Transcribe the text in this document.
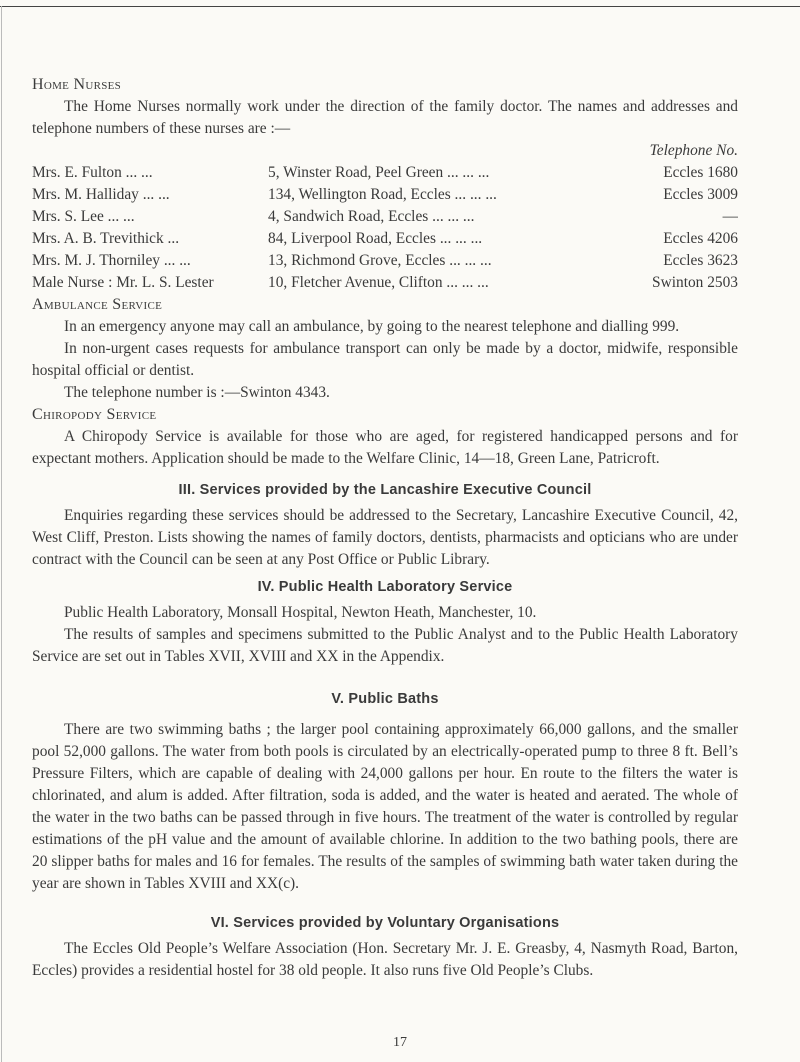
Home Nurses

The Home Nurses normally work under the direction of the family doctor. The names and addresses and telephone numbers of these nurses are :—

Telephone No.
Mrs. E. Fulton ... ...	5, Winster Road, Peel Green ... ... ...	Eccles 1680
Mrs. M. Halliday ... ...	134, Wellington Road, Eccles ... ... ...	Eccles 3009
Mrs. S. Lee ... ...	4, Sandwich Road, Eccles ... ... ...	—
Mrs. A. B. Trevithick ...	84, Liverpool Road, Eccles ... ... ...	Eccles 4206
Mrs. M. J. Thorniley ... ...	13, Richmond Grove, Eccles ... ... ...	Eccles 3623
Male Nurse : Mr. L. S. Lester	10, Fletcher Avenue, Clifton ... ... ...	Swinton 2503
Ambulance Service

In an emergency anyone may call an ambulance, by going to the nearest telephone and dialling 999.

In non-urgent cases requests for ambulance transport can only be made by a doctor, midwife, responsible hospital official or dentist.

The telephone number is :—Swinton 4343.

Chiropody Service

A Chiropody Service is available for those who are aged, for registered handicapped persons and for expectant mothers. Application should be made to the Welfare Clinic, 14—18, Green Lane, Patricroft.

III. Services provided by the Lancashire Executive Council

Enquiries regarding these services should be addressed to the Secretary, Lancashire Executive Council, 42, West Cliff, Preston. Lists showing the names of family doctors, dentists, pharmacists and opticians who are under contract with the Council can be seen at any Post Office or Public Library.

IV. Public Health Laboratory Service

Public Health Laboratory, Monsall Hospital, Newton Heath, Manchester, 10.

The results of samples and specimens submitted to the Public Analyst and to the Public Health Laboratory Service are set out in Tables XVII, XVIII and XX in the Appendix.

V. Public Baths

There are two swimming baths ; the larger pool containing approximately 66,000 gallons, and the smaller pool 52,000 gallons. The water from both pools is circulated by an electrically-operated pump to three 8 ft. Bell’s Pressure Filters, which are capable of dealing with 24,000 gallons per hour. En route to the filters the water is chlorinated, and alum is added. After filtration, soda is added, and the water is heated and aerated. The whole of the water in the two baths can be passed through in five hours. The treatment of the water is controlled by regular estimations of the pH value and the amount of available chlorine. In addition to the two bathing pools, there are 20 slipper baths for males and 16 for females. The results of the samples of swimming bath water taken during the year are shown in Tables XVIII and XX(c).

VI. Services provided by Voluntary Organisations

The Eccles Old People’s Welfare Association (Hon. Secretary Mr. J. E. Greasby, 4, Nasmyth Road, Barton, Eccles) provides a residential hostel for 38 old people. It also runs five Old People’s Clubs.

17
